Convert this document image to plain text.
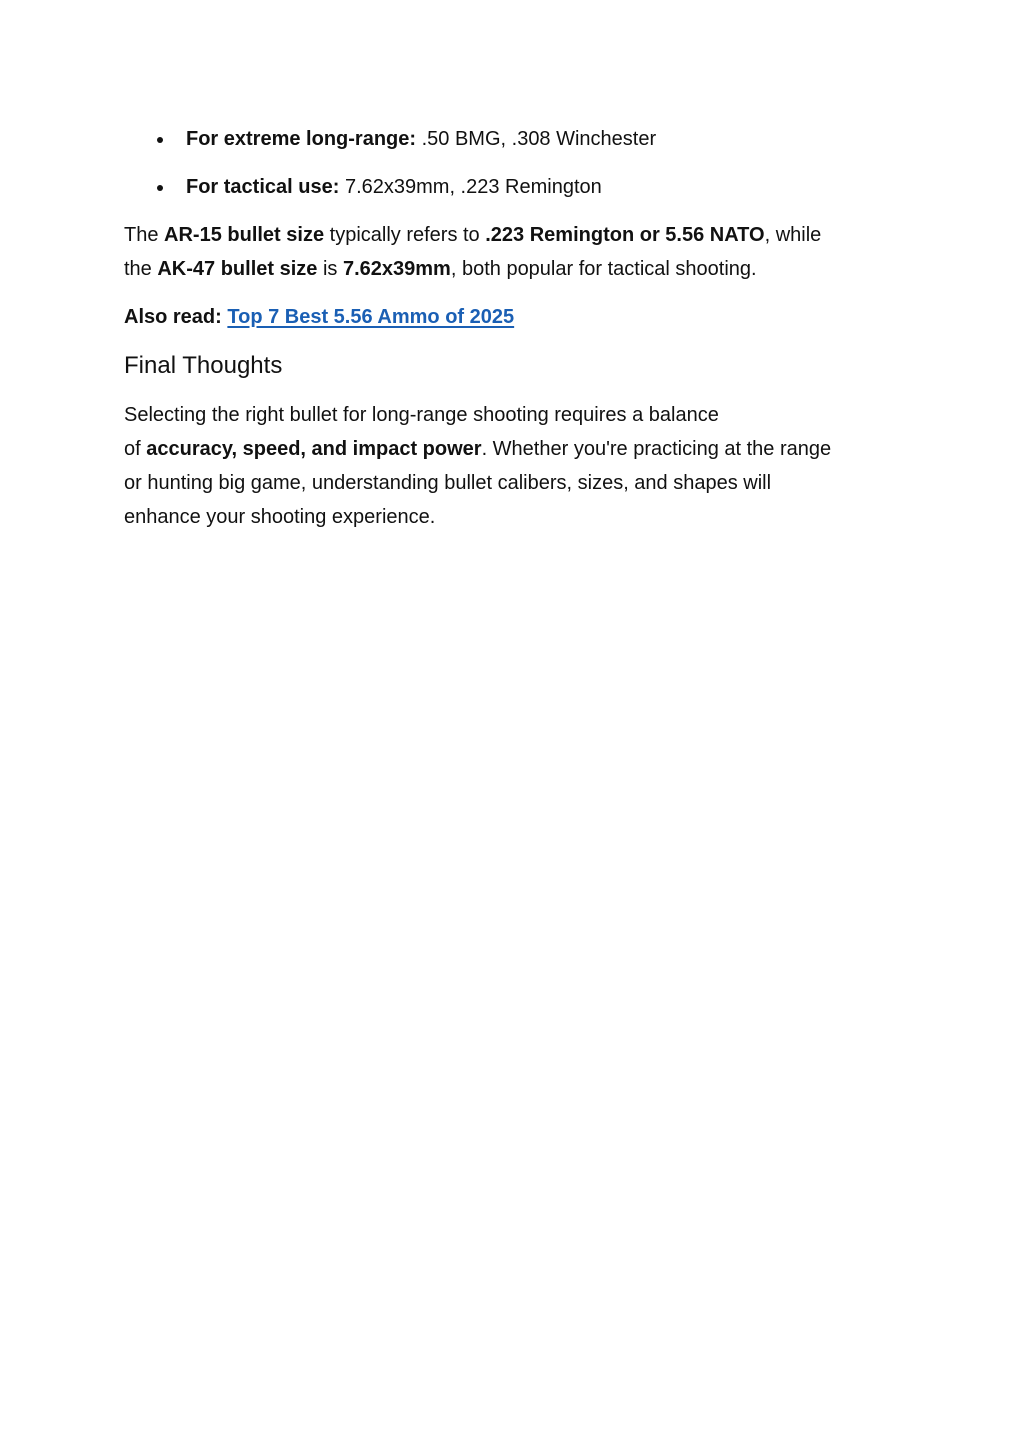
For extreme long-range: .50 BMG, .308 Winchester
For tactical use: 7.62x39mm, .223 Remington

The AR-15 bullet size typically refers to .223 Remington or 5.56 NATO, while
the AK-47 bullet size is 7.62x39mm, both popular for tactical shooting.

Also read: Top 7 Best 5.56 Ammo of 2025

Final Thoughts

Selecting the right bullet for long-range shooting requires a balance
of accuracy, speed, and impact power. Whether you're practicing at the range
or hunting big game, understanding bullet calibers, sizes, and shapes will
enhance your shooting experience.
